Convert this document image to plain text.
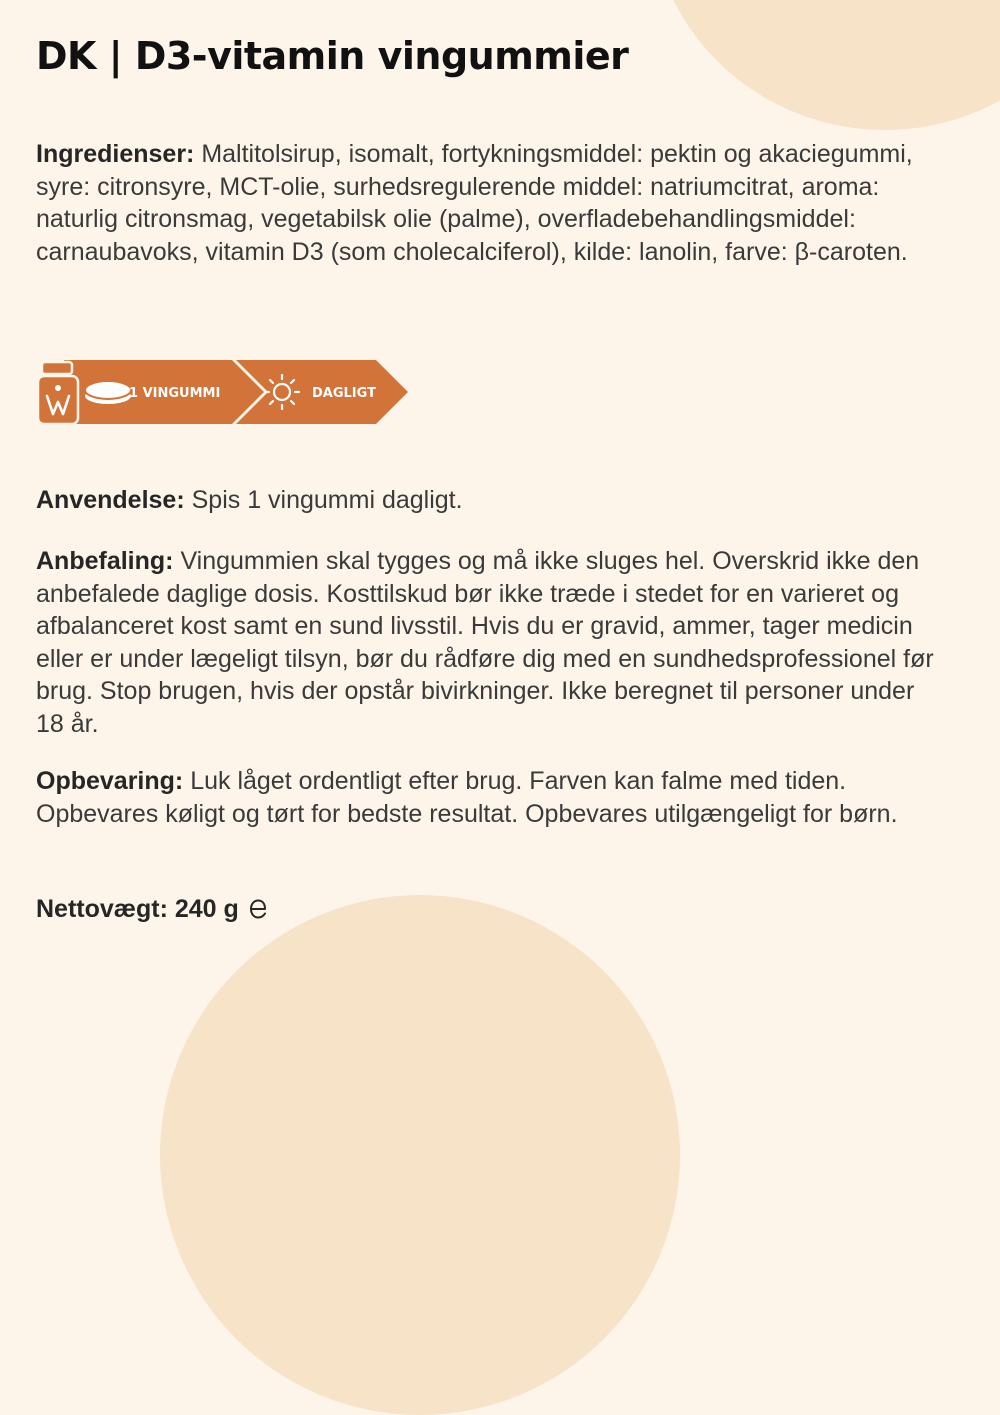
DK | D3-vitamin vingummier

Ingredienser: Maltitolsirup, isomalt, fortykningsmiddel: pektin og akaciegummi, syre: citronsyre, MCT-olie, surhedsregulerende middel: natriumcitrat, aroma: naturlig citronsmag, vegetabilsk olie (palme), overfladebehandlingsmiddel: carnaubavoks, vitamin D3 (som cholecalciferol), kilde: lanolin, farve: β-caroten.

1 VINGUMMI	DAGLIGT

Anvendelse: Spis 1 vingummi dagligt.

Anbefaling: Vingummien skal tygges og må ikke sluges hel. Overskrid ikke den anbefalede daglige dosis. Kosttilskud bør ikke træde i stedet for en varieret og afbalanceret kost samt en sund livsstil. Hvis du er gravid, ammer, tager medicin eller er under lægeligt tilsyn, bør du rådføre dig med en sundhedsprofessionel før brug. Stop brugen, hvis der opstår bivirkninger. Ikke beregnet til personer under 18 år.

Opbevaring: Luk låget ordentligt efter brug. Farven kan falme med tiden. Opbevares køligt og tørt for bedste resultat. Opbevares utilgængeligt for børn.

Nettovægt: 240 g
